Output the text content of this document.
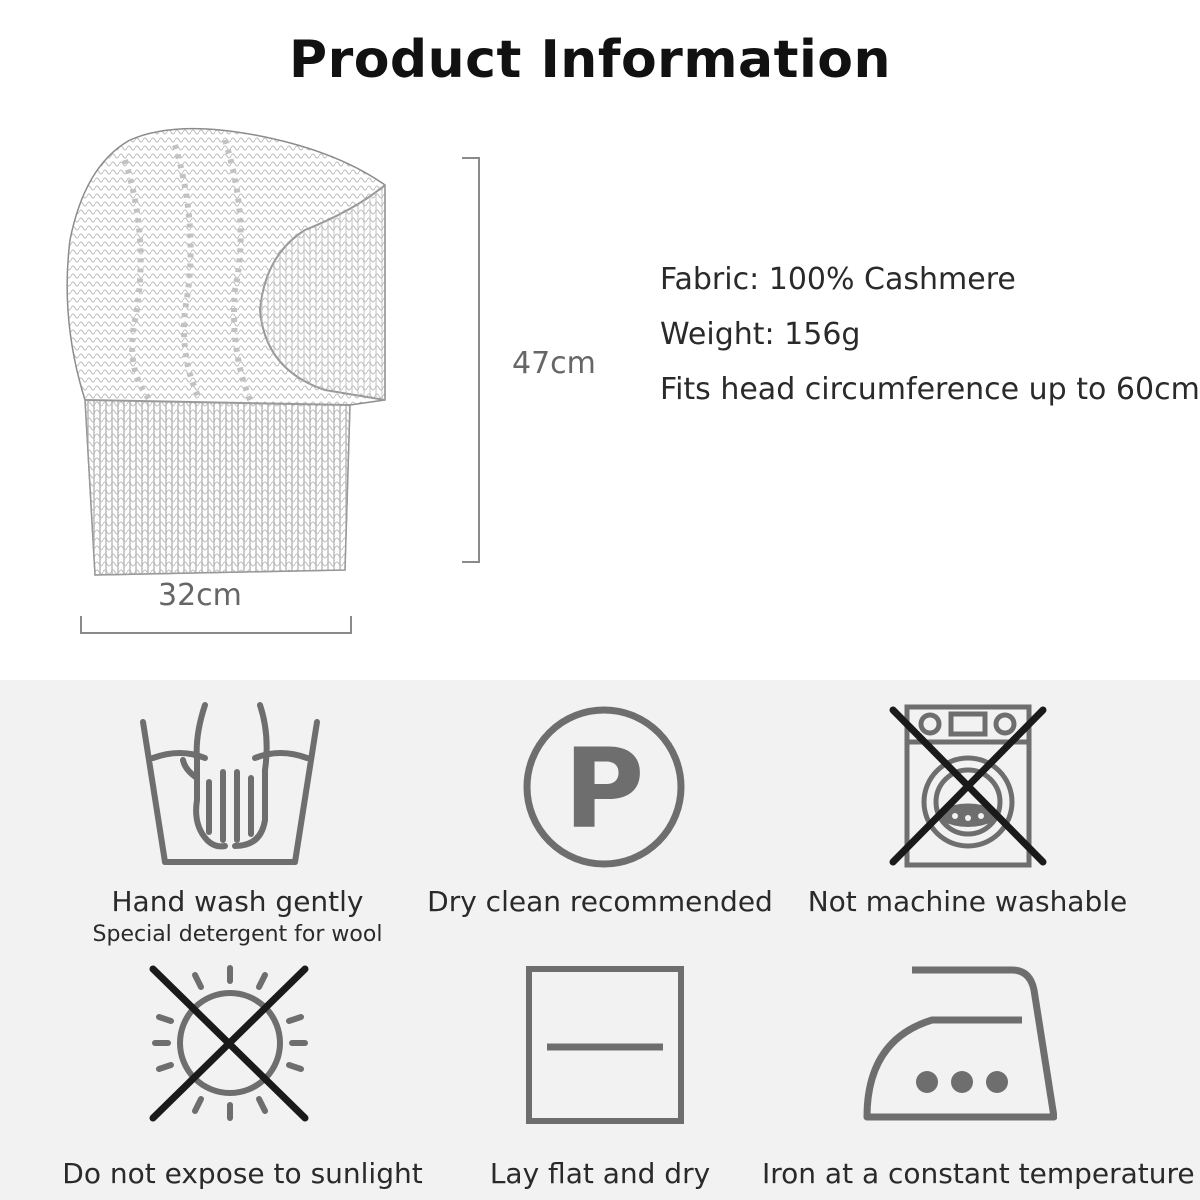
Product Information
47cm
32cm
Fabric: 100% Cashmere
Weight: 156g
Fits head circumference up to 60cm
Hand wash gently
Special detergent for wool
P
Dry clean recommended	Not machine washable
Do not expose to sunlight	Lay flat and dry	Iron at a constant temperature
